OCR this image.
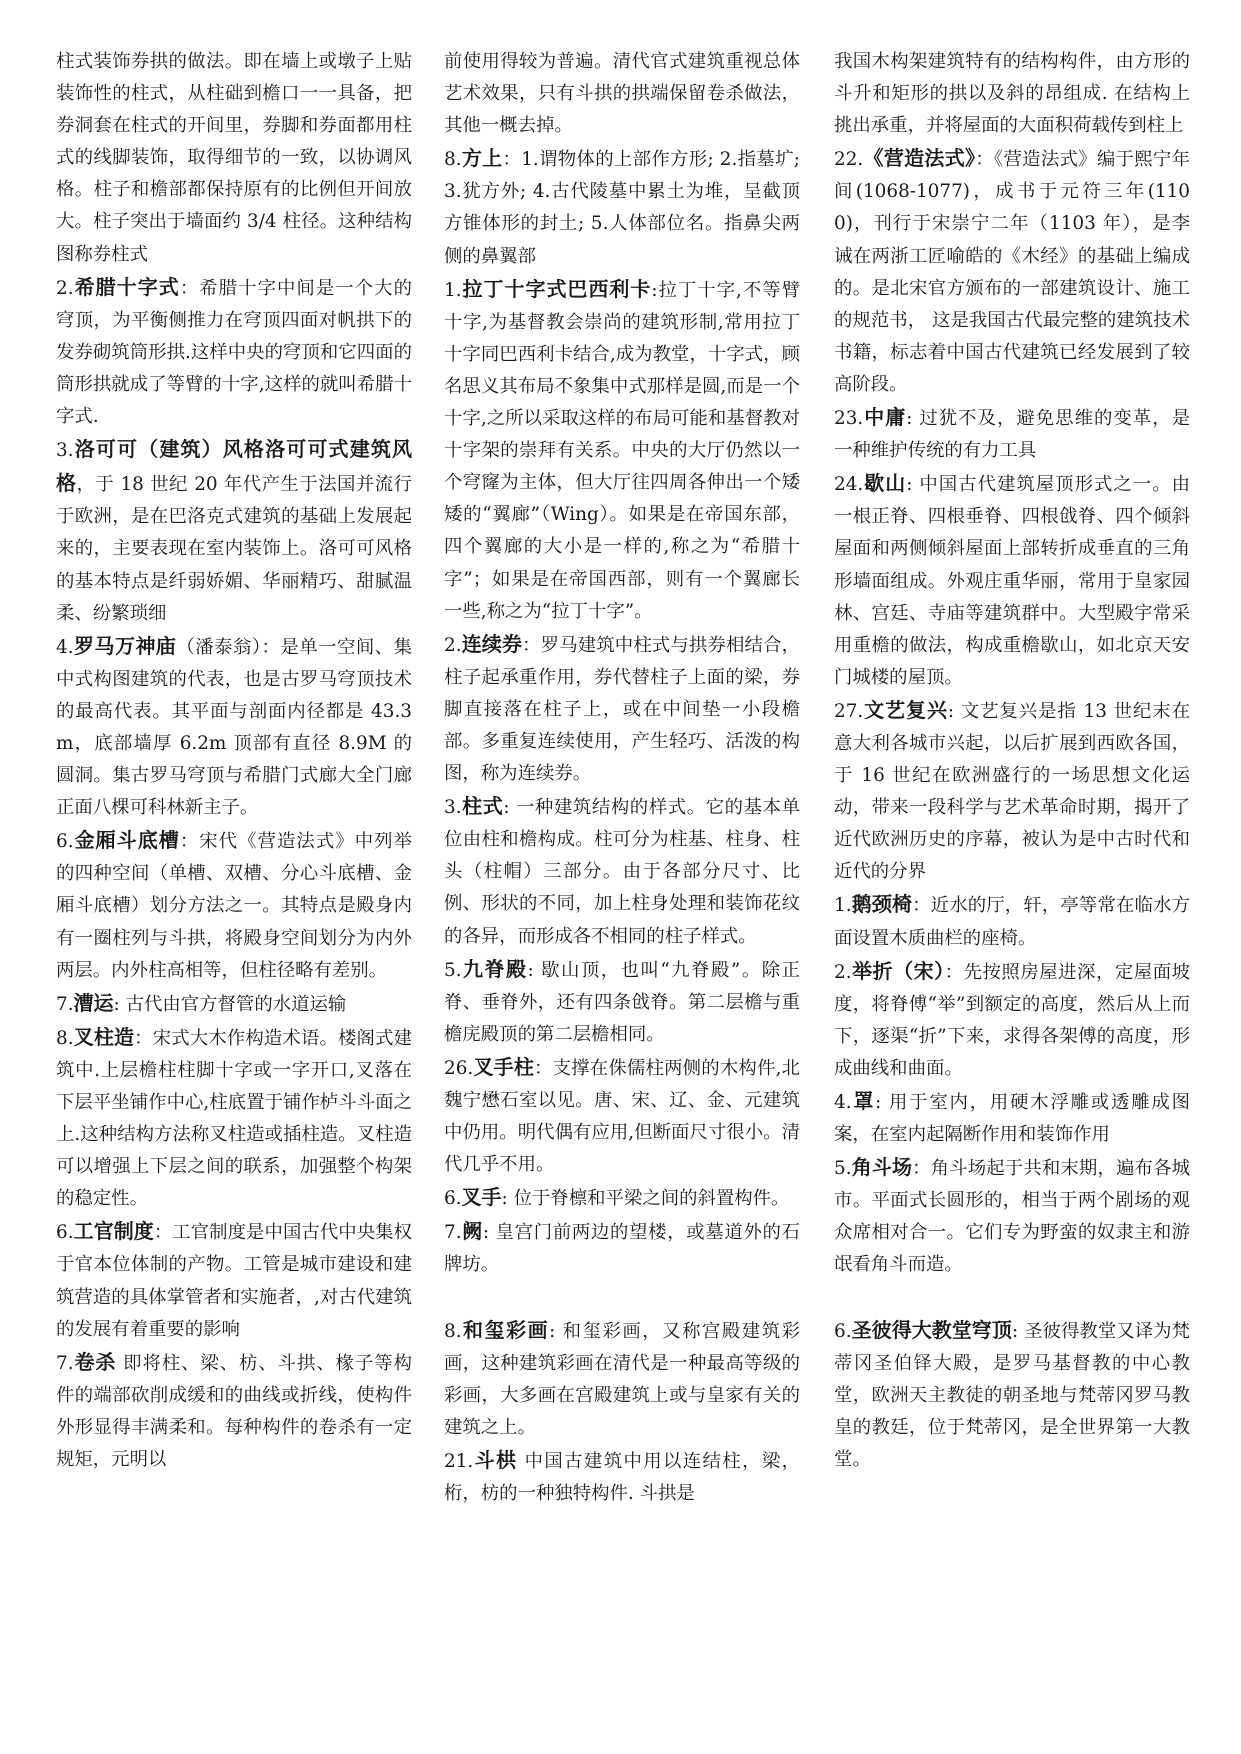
柱式装饰券拱的做法。即在墙上或墩子上贴装饰性的柱式，从柱础到檐口一一具备，把券洞套在柱式的开间里，券脚和券面都用柱式的线脚装饰，取得细节的一致，以协调风格。柱子和檐部都保持原有的比例但开间放大。柱子突出于墙面约 3/4 柱径。这种结构图称券柱式

2.希腊十字式：希腊十字中间是一个大的穹顶，为平衡侧推力在穹顶四面对帆拱下的发券砌筑筒形拱.这样中央的穹顶和它四面的筒形拱就成了等臂的十字,这样的就叫希腊十字式.

3.洛可可（建筑）风格洛可可式建筑风格，于 18 世纪 20 年代产生于法国并流行于欧洲，是在巴洛克式建筑的基础上发展起来的，主要表现在室内装饰上。洛可可风格的基本特点是纤弱娇媚、华丽精巧、甜腻温柔、纷繁琐细

4.罗马万神庙（潘泰翁）：是单一空间、集中式构图建筑的代表，也是古罗马穹顶技术的最高代表。其平面与剖面内径都是 43.3m，底部墙厚 6.2m 顶部有直径 8.9M 的圆洞。集古罗马穹顶与希腊门式廊大全门廊正面八棵可科林新主子。

6.金厢斗底槽：宋代《营造法式》中列举的四种空间（单槽、双槽、分心斗底槽、金厢斗底槽）划分方法之一。其特点是殿身内有一圈柱列与斗拱，将殿身空间划分为内外两层。内外柱高相等，但柱径略有差别。

7.漕运: 古代由官方督管的水道运输

8.叉柱造：宋式大木作构造术语。楼阁式建筑中.上层檐柱柱脚十字或一字开口,叉落在下层平坐铺作中心,柱底置于铺作栌斗斗面之上.这种结构方法称叉柱造或插柱造。叉柱造可以增强上下层之间的联系，加强整个构架的稳定性。

6.工官制度：工官制度是中国古代中央集权于官本位体制的产物。工管是城市建设和建筑营造的具体掌管者和实施者，,对古代建筑的发展有着重要的影响

7.卷杀 即将柱、梁、枋、斗拱、椽子等构件的端部砍削成缓和的曲线或折线，使构件外形显得丰满柔和。每种构件的卷杀有一定规矩，元明以

前使用得较为普遍。清代官式建筑重视总体艺术效果，只有斗拱的拱端保留卷杀做法，其他一概去掉。

8.方上：1.谓物体的上部作方形; 2.指墓圹; 3.犹方外; 4.古代陵墓中累土为堆，呈截顶方锥体形的封土; 5.人体部位名。指鼻尖两侧的鼻翼部

1.拉丁十字式巴西利卡:拉丁十字,不等臂十字,为基督教会崇尚的建筑形制,常用拉丁十字同巴西利卡结合,成为教堂，十字式，顾名思义其布局不象集中式那样是圆,而是一个十字,之所以采取这样的布局可能和基督教对十字架的崇拜有关系。中央的大厅仍然以一个穹窿为主体，但大厅往四周各伸出一个矮矮的“翼廊”（Wing）。如果是在帝国东部，四个翼廊的大小是一样的,称之为“希腊十字”；如果是在帝国西部，则有一个翼廊长一些,称之为“拉丁十字”。

2.连续券：罗马建筑中柱式与拱券相结合，柱子起承重作用，券代替柱子上面的梁，券脚直接落在柱子上，或在中间垫一小段檐部。多重复连续使用，产生轻巧、活泼的构图，称为连续券。

3.柱式: 一种建筑结构的样式。它的基本单位由柱和檐构成。柱可分为柱基、柱身、柱头（柱帽）三部分。由于各部分尺寸、比例、形状的不同，加上柱身处理和装饰花纹的各异，而形成各不相同的柱子样式。

5.九脊殿: 歇山顶，也叫“九脊殿”。除正脊、垂脊外，还有四条戗脊。第二层檐与重檐庑殿顶的第二层檐相同。

26.叉手柱：支撑在侏儒柱两侧的木构件,北魏宁懋石室以见。唐、宋、辽、金、元建筑中仍用。明代偶有应用,但断面尺寸很小。清代几乎不用。

6.叉手: 位于脊檩和平梁之间的斜置构件。

7.阙: 皇宫门前两边的望楼，或墓道外的石牌坊。

8.和玺彩画: 和玺彩画，又称宫殿建筑彩画，这种建筑彩画在清代是一种最高等级的彩画，大多画在宫殿建筑上或与皇家有关的建筑之上。

21.斗栱 中国古建筑中用以连结柱，梁，桁，枋的一种独特构件. 斗拱是

我国木构架建筑特有的结构构件，由方形的斗升和矩形的拱以及斜的昂组成. 在结构上挑出承重，并将屋面的大面积荷载传到柱上

22.《营造法式》：《营造法式》编于熙宁年间(1068-1077)，成书于元符三年(1100)，刊行于宋崇宁二年（1103 年），是李诫在两浙工匠喻皓的《木经》的基础上编成的。是北宋官方颁布的一部建筑设计、施工的规范书， 这是我国古代最完整的建筑技术书籍，标志着中国古代建筑已经发展到了较高阶段。

23.中庸: 过犹不及，避免思维的变革，是一种维护传统的有力工具

24.歇山: 中国古代建筑屋顶形式之一。由一根正脊、四根垂脊、四根戗脊、四个倾斜屋面和两侧倾斜屋面上部转折成垂直的三角形墙面组成。外观庄重华丽，常用于皇家园林、宫廷、寺庙等建筑群中。大型殿宇常采用重檐的做法，构成重檐歇山，如北京天安门城楼的屋顶。

27.文艺复兴: 文艺复兴是指 13 世纪末在意大利各城市兴起，以后扩展到西欧各国，于 16 世纪在欧洲盛行的一场思想文化运动，带来一段科学与艺术革命时期，揭开了近代欧洲历史的序幕，被认为是中古时代和近代的分界

1.鹅颈椅：近水的厅，轩，亭等常在临水方面设置木质曲栏的座椅。

2.举折（宋）：先按照房屋进深，定屋面坡度，将脊傅“举”到额定的高度，然后从上而下，逐渠“折”下来，求得各架傅的高度，形成曲线和曲面。

4.罩: 用于室内，用硬木浮雕或透雕成图案，在室内起隔断作用和装饰作用

5.角斗场：角斗场起于共和末期，遍布各城市。平面式长圆形的，相当于两个剧场的观众席相对合一。它们专为野蛮的奴隶主和游氓看角斗而造。

6.圣彼得大教堂穹顶: 圣彼得教堂又译为梵蒂冈圣伯铎大殿，是罗马基督教的中心教堂，欧洲天主教徒的朝圣地与梵蒂冈罗马教皇的教廷，位于梵蒂冈，是全世界第一大教堂。
